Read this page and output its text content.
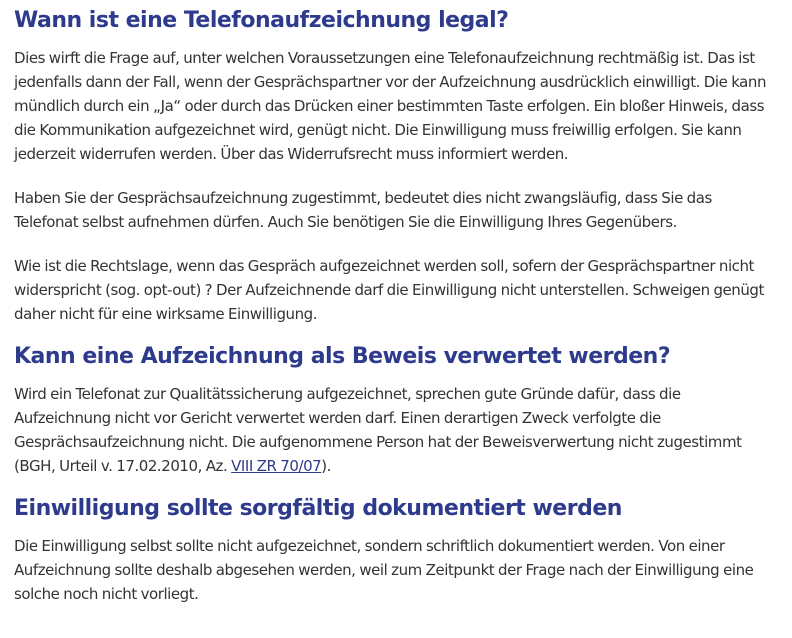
Wann ist eine Telefonaufzeichnung legal?

Dies wirft die Frage auf, unter welchen Voraussetzungen eine Telefonaufzeichnung rechtmäßig ist. Das ist jedenfalls dann der Fall, wenn der Gesprächspartner vor der Aufzeichnung ausdrücklich einwilligt. Die kann mündlich durch ein „Ja“ oder durch das Drücken einer bestimmten Taste erfolgen. Ein bloßer Hinweis, dass die Kommunikation aufgezeichnet wird, genügt nicht. Die Einwilligung muss freiwillig erfolgen. Sie kann jederzeit widerrufen werden. Über das Widerrufsrecht muss informiert werden.

Haben Sie der Gesprächsaufzeichnung zugestimmt, bedeutet dies nicht zwangsläufig, dass Sie das Telefonat selbst aufnehmen dürfen. Auch Sie benötigen Sie die Einwilligung Ihres Gegenübers.

Wie ist die Rechtslage, wenn das Gespräch aufgezeichnet werden soll, sofern der Gesprächspartner nicht widerspricht (sog. opt-out) ? Der Aufzeichnende darf die Einwilligung nicht unterstellen. Schweigen genügt daher nicht für eine wirksame Einwilligung.

Kann eine Aufzeichnung als Beweis verwertet werden?

Wird ein Telefonat zur Qualitätssicherung aufgezeichnet, sprechen gute Gründe dafür, dass die Aufzeichnung nicht vor Gericht verwertet werden darf. Einen derartigen Zweck verfolgte die Gesprächsaufzeichnung nicht. Die aufgenommene Person hat der Beweisverwertung nicht zugestimmt (BGH, Urteil v. 17.02.2010, Az. VIII ZR 70/07).

Einwilligung sollte sorgfältig dokumentiert werden

Die Einwilligung selbst sollte nicht aufgezeichnet, sondern schriftlich dokumentiert werden. Von einer Aufzeichnung sollte deshalb abgesehen werden, weil zum Zeitpunkt der Frage nach der Einwilligung eine solche noch nicht vorliegt.
